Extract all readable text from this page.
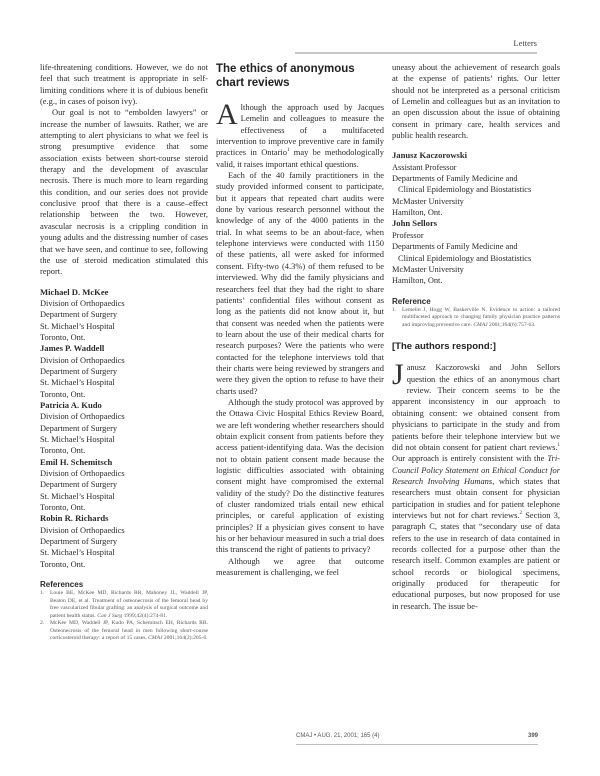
Letters

life-threatening conditions. However, we do not feel that such treatment is appropriate in self-limiting conditions where it is of dubious benefit (e.g., in cases of poison ivy).

Our goal is not to “embolden lawyers” or increase the number of lawsuits. Rather, we are attempting to alert physicians to what we feel is strong presumptive evidence that some association exists between short-course steroid therapy and the development of avascular necrosis. There is much more to learn regarding this condition, and our series does not provide conclusive proof that there is a cause–effect relationship between the two. However, avascular necrosis is a crippling condition in young adults and the distressing number of cases that we have seen, and continue to see, following the use of steroid medication stimulated this report.

Michael D. McKee
Division of Orthopaedics
Department of Surgery
St. Michael’s Hospital
Toronto, Ont.
James P. Waddell
Division of Orthopaedics
Department of Surgery
St. Michael’s Hospital
Toronto, Ont.
Patricia A. Kudo
Division of Orthopaedics
Department of Surgery
St. Michael’s Hospital
Toronto, Ont.
Emil H. Schemitsch
Division of Orthopaedics
Department of Surgery
St. Michael’s Hospital
Toronto, Ont.
Robin R. Richards
Division of Orthopaedics
Department of Surgery
St. Michael’s Hospital
Toronto, Ont.
References
1.	Louie BE, McKee MD, Richards RR, Mahoney JL, Waddell JP, Beaton DE, et al. Treatment of osteonecrosis of the femoral head by free vascularized fibular grafting: an analysis of surgical outcome and patient health status. Can J Surg 1999;42(4):274-81.
2.	McKee MD, Waddell JP, Kudo PA, Schemitsch EH, Richards RR. Osteonecrosis of the femoral head in men following short-course corticosteroid therapy: a report of 15 cases. CMAJ 2001;164(2):205-6.
The ethics of anonymous chart reviews

Although the approach used by Jacques Lemelin and colleagues to measure the effectiveness of a multifaceted intervention to improve preventive care in family practices in Ontario$^1$ may be methodologically valid, it raises important ethical questions.

Each of the 40 family practitioners in the study provided informed consent to participate, but it appears that repeated chart audits were done by various research personnel without the knowledge of any of the 4000 patients in the trial. In what seems to be an about-face, when telephone interviews were conducted with 1150 of these patients, all were asked for informed consent. Fifty-two (4.3%) of them refused to be interviewed. Why did the family physicians and researchers feel that they had the right to share patients’ confidential files without consent as long as the patients did not know about it, but that consent was needed when the patients were to learn about the use of their medical charts for research purposes? Were the patients who were contacted for the telephone interviews told that their charts were being reviewed by strangers and were they given the option to refuse to have their charts used?

Although the study protocol was approved by the Ottawa Civic Hospital Ethics Review Board, we are left wondering whether researchers should obtain explicit consent from patients before they access patient-identifying data. Was the decision not to obtain patient consent made because the logistic difficulties associated with obtaining consent might have compromised the external validity of the study? Do the distinctive features of cluster randomized trials entail new ethical principles, or careful application of existing principles? If a physician gives consent to have his or her behaviour measured in such a trial does this transcend the right of patients to privacy?

Although we agree that outcome measurement is challenging, we feel

uneasy about the achievement of research goals at the expense of patients’ rights. Our letter should not be interpreted as a personal criticism of Lemelin and colleagues but as an invitation to an open discussion about the issue of obtaining consent in primary care, health services and public health research.

Janusz Kaczorowski
Assistant Professor
Departments of Family Medicine and
Clinical Epidemiology and Biostatistics
McMaster University
Hamilton, Ont.
John Sellors
Professor
Departments of Family Medicine and
Clinical Epidemiology and Biostatistics
McMaster University
Hamilton, Ont.
Reference
1.	Lemelin J, Hogg W, Baskerville N. Evidence to action: a tailored multifaceted approach to changing family physician practice patterns and improving preventive care. CMAJ 2001;164(6):757-63.
[The authors respond:]

Janusz Kaczorowski and John Sellors question the ethics of an anonymous chart review. Their concern seems to be the apparent inconsistency in our approach to obtaining consent: we obtained consent from physicians to participate in the study and from patients before their telephone interview but we did not obtain consent for patient chart reviews.$^1$ Our approach is entirely consistent with the Tri-Council Policy Statement on Ethical Conduct for Research Involving Humans, which states that researchers must obtain consent for physician participation in studies and for patient telephone interviews but not for chart reviews.$^2$ Section 3, paragraph C, states that “secondary use of data refers to the use in research of data contained in records collected for a purpose other than the research itself. Common examples are patient or school records or biological specimens, originally produced for therapeutic for educational purposes, but now proposed for use in research. The issue be-

CMAJ • AUG. 21, 2001; 165 (4)	399
